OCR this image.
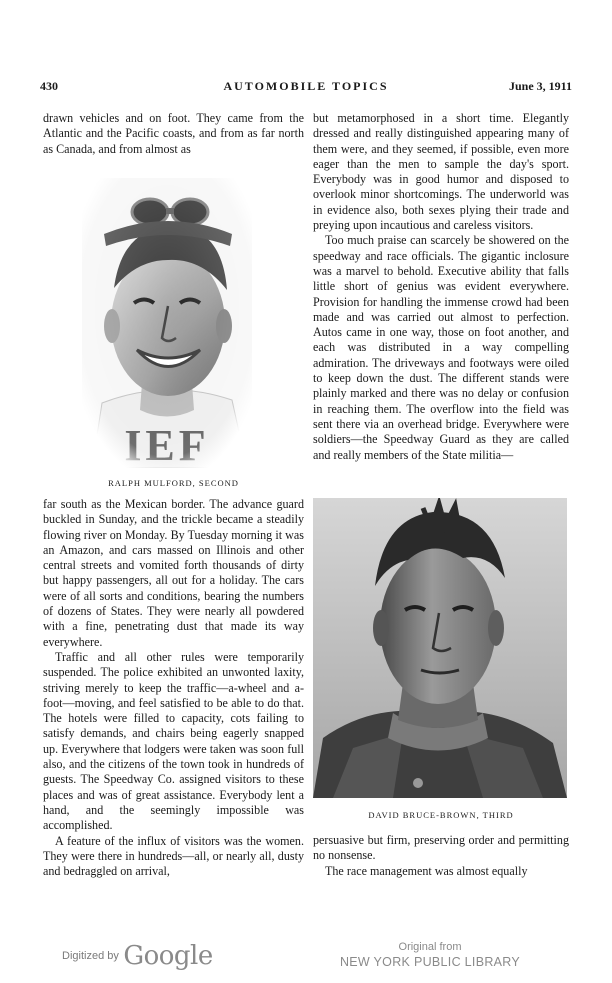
430	AUTOMOBILE TOPICS	June 3, 1911

drawn vehicles and on foot. They came from the Atlantic and the Pacific coasts, and from as far north as Canada, and from almost as

RALPH MULFORD, SECOND

far south as the Mexican border. The advance guard buckled in Sunday, and the trickle became a steadily flowing river on Monday. By Tuesday morning it was an Amazon, and cars massed on Illinois and other central streets and vomited forth thousands of dirty but happy passengers, all out for a holiday. The cars were of all sorts and conditions, bearing the numbers of dozens of States. They were nearly all powdered with a fine, penetrating dust that made its way everywhere.

Traffic and all other rules were temporarily suspended. The police exhibited an unwonted laxity, striving merely to keep the traffic—a-wheel and a-foot—moving, and feel satisfied to be able to do that. The hotels were filled to capacity, cots failing to satisfy demands, and chairs being eagerly snapped up. Everywhere that lodgers were taken was soon full also, and the citizens of the town took in hundreds of guests. The Speedway Co. assigned visitors to these places and was of great assistance. Everybody lent a hand, and the seemingly impossible was accomplished.

A feature of the influx of visitors was the women. They were there in hundreds—all, or nearly all, dusty and bedraggled on arrival,

but metamorphosed in a short time. Elegantly dressed and really distinguished appearing many of them were, and they seemed, if possible, even more eager than the men to sample the day's sport. Everybody was in good humor and disposed to overlook minor shortcomings. The underworld was in evidence also, both sexes plying their trade and preying upon incautious and careless visitors.

Too much praise can scarcely be showered on the speedway and race officials. The gigantic inclosure was a marvel to behold. Executive ability that falls little short of genius was evident everywhere. Provision for handling the immense crowd had been made and was carried out almost to perfection. Autos came in one way, those on foot another, and each was distributed in a way compelling admiration. The driveways and footways were oiled to keep down the dust. The different stands were plainly marked and there was no delay or confusion in reaching them. The overflow into the field was sent there via an overhead bridge. Everywhere were soldiers—the Speedway Guard as they are called and really members of the State militia—

DAVID BRUCE-BROWN, THIRD

persuasive but firm, preserving order and permitting no nonsense.

The race management was almost equally

Digitized by Google	Original from
NEW YORK PUBLIC LIBRARY
